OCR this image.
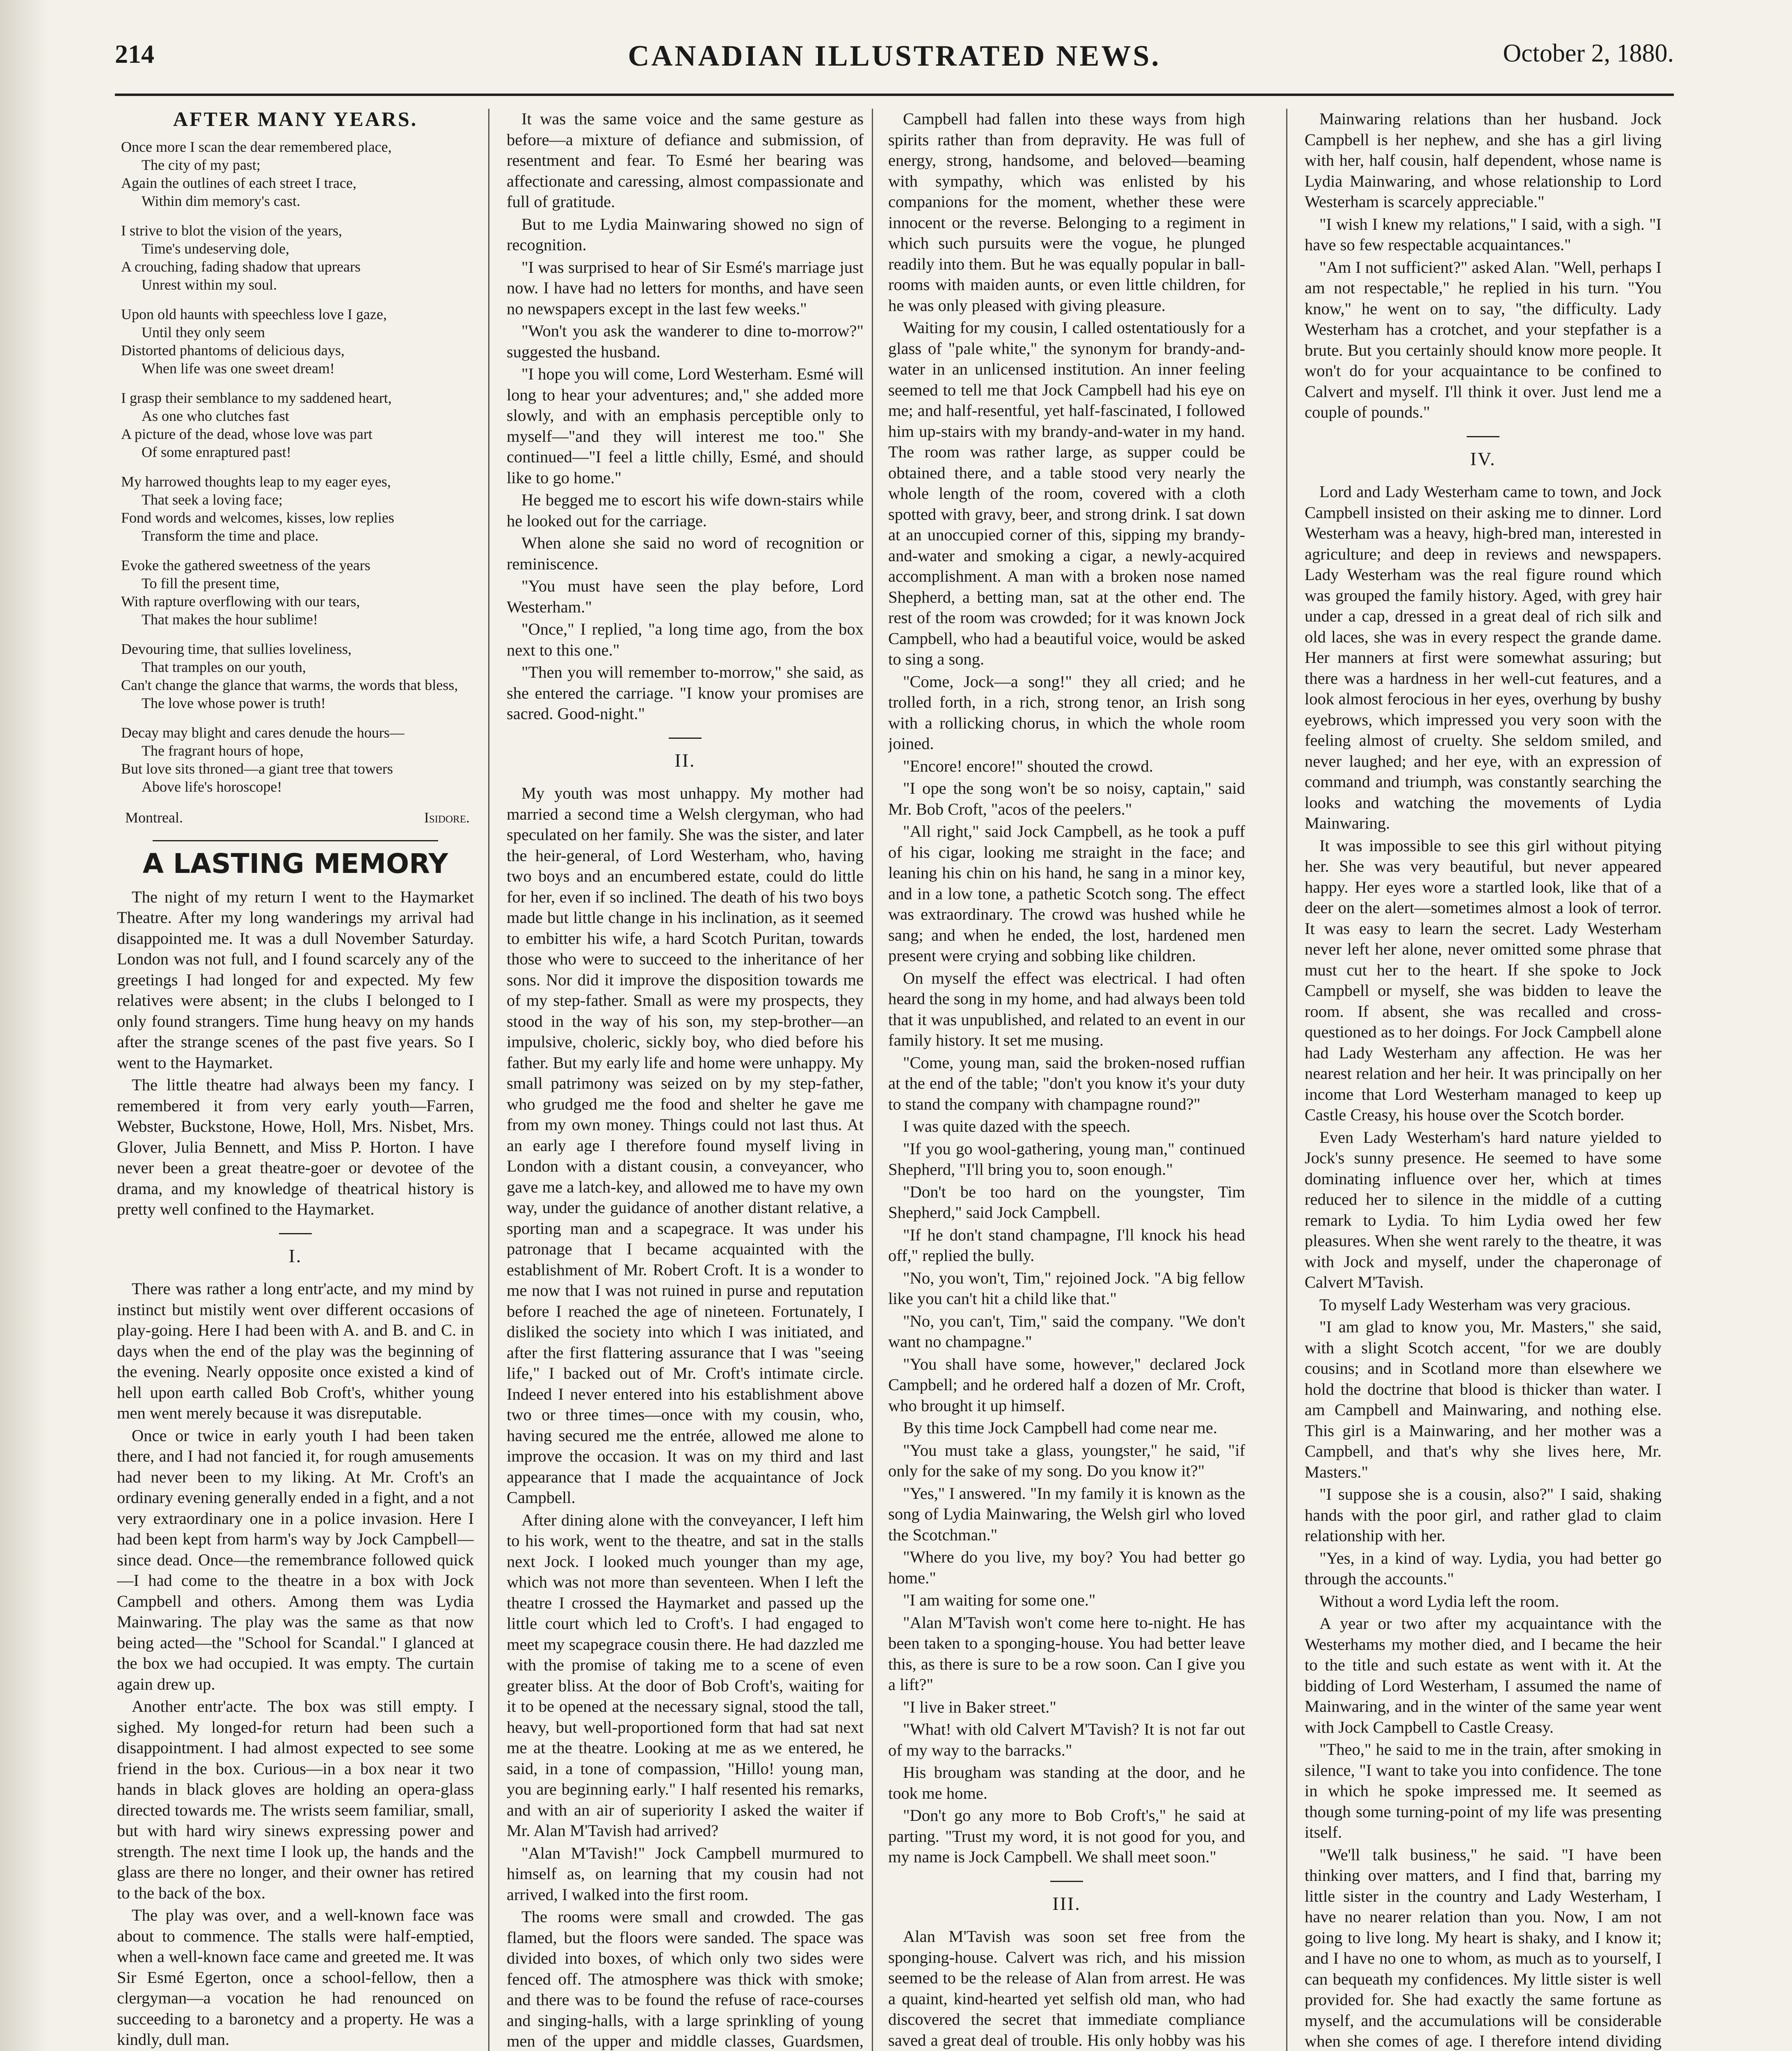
214	CANADIAN ILLUSTRATED NEWS.	October 2, 1880.
AFTER MANY YEARS.
Once more I scan the dear remembered place,
The city of my past;
Again the outlines of each street I trace,
Within dim memory's cast.
I strive to blot the vision of the years,
Time's undeserving dole,
A crouching, fading shadow that uprears
Unrest within my soul.
Upon old haunts with speechless love I gaze,
Until they only seem
Distorted phantoms of delicious days,
When life was one sweet dream!
I grasp their semblance to my saddened heart,
As one who clutches fast
A picture of the dead, whose love was part
Of some enraptured past!
My harrowed thoughts leap to my eager eyes,
That seek a loving face;
Fond words and welcomes, kisses, low replies
Transform the time and place.
Evoke the gathered sweetness of the years
To fill the present time,
With rapture overflowing with our tears,
That makes the hour sublime!
Devouring time, that sullies loveliness,
That tramples on our youth,
Can't change the glance that warms, the words that bless,
The love whose power is truth!
Decay may blight and cares denude the hours—
The fragrant hours of hope,
But love sits throned—a giant tree that towers
Above life's horoscope!
Montreal.	Isidore.
A LASTING MEMORY

The night of my return I went to the Haymarket Theatre. After my long wanderings my arrival had disappointed me. It was a dull November Saturday. London was not full, and I found scarcely any of the greetings I had longed for and expected. My few relatives were absent; in the clubs I belonged to I only found strangers. Time hung heavy on my hands after the strange scenes of the past five years. So I went to the Haymarket.

The little theatre had always been my fancy. I remembered it from very early youth—Farren, Webster, Buckstone, Howe, Holl, Mrs. Nisbet, Mrs. Glover, Julia Bennett, and Miss P. Horton. I have never been a great theatre-goer or devotee of the drama, and my knowledge of theatrical history is pretty well confined to the Haymarket.

I.

There was rather a long entr'acte, and my mind by instinct but mistily went over different occasions of play-going. Here I had been with A. and B. and C. in days when the end of the play was the beginning of the evening. Nearly opposite once existed a kind of hell upon earth called Bob Croft's, whither young men went merely because it was disreputable.

Once or twice in early youth I had been taken there, and I had not fancied it, for rough amusements had never been to my liking. At Mr. Croft's an ordinary evening generally ended in a fight, and a not very extraordinary one in a police invasion. Here I had been kept from harm's way by Jock Campbell—since dead. Once—the remembrance followed quick—I had come to the theatre in a box with Jock Campbell and others. Among them was Lydia Mainwaring. The play was the same as that now being acted—the "School for Scandal." I glanced at the box we had occupied. It was empty. The curtain again drew up.

Another entr'acte. The box was still empty. I sighed. My longed-for return had been such a disappointment. I had almost expected to see some friend in the box. Curious—in a box near it two hands in black gloves are holding an opera-glass directed towards me. The wrists seem familiar, small, but with hard wiry sinews expressing power and strength. The next time I look up, the hands and the glass are there no longer, and their owner has retired to the back of the box.

The play was over, and a well-known face was about to commence. The stalls were half-emptied, when a well-known face came and greeted me. It was Sir Esmé Egerton, once a school-fellow, then a clergyman—a vocation he had renounced on succeeding to a baronetcy and a property. He was a kindly, dull man.

It was the same voice and the same gesture as before—a mixture of defiance and submission, of resentment and fear. To Esmé her bearing was affectionate and caressing, almost compassionate and full of gratitude.

But to me Lydia Mainwaring showed no sign of recognition.

"I was surprised to hear of Sir Esmé's marriage just now. I have had no letters for months, and have seen no newspapers except in the last few weeks."

"Won't you ask the wanderer to dine to-morrow?" suggested the husband.

"I hope you will come, Lord Westerham. Esmé will long to hear your adventures; and," she added more slowly, and with an emphasis perceptible only to myself—"and they will interest me too." She continued—"I feel a little chilly, Esmé, and should like to go home."

He begged me to escort his wife down-stairs while he looked out for the carriage.

When alone she said no word of recognition or reminiscence.

"You must have seen the play before, Lord Westerham."

"Once," I replied, "a long time ago, from the box next to this one."

"Then you will remember to-morrow," she said, as she entered the carriage. "I know your promises are sacred. Good-night."

II.

My youth was most unhappy. My mother had married a second time a Welsh clergyman, who had speculated on her family. She was the sister, and later the heir-general, of Lord Westerham, who, having two boys and an encumbered estate, could do little for her, even if so inclined. The death of his two boys made but little change in his inclination, as it seemed to embitter his wife, a hard Scotch Puritan, towards those who were to succeed to the inheritance of her sons. Nor did it improve the disposition towards me of my step-father. Small as were my prospects, they stood in the way of his son, my step-brother—an impulsive, choleric, sickly boy, who died before his father. But my early life and home were unhappy. My small patrimony was seized on by my step-father, who grudged me the food and shelter he gave me from my own money. Things could not last thus. At an early age I therefore found myself living in London with a distant cousin, a conveyancer, who gave me a latch-key, and allowed me to have my own way, under the guidance of another distant relative, a sporting man and a scapegrace. It was under his patronage that I became acquainted with the establishment of Mr. Robert Croft. It is a wonder to me now that I was not ruined in purse and reputation before I reached the age of nineteen. Fortunately, I disliked the society into which I was initiated, and after the first flattering assurance that I was "seeing life," I backed out of Mr. Croft's intimate circle. Indeed I never entered into his establishment above two or three times—once with my cousin, who, having secured me the entrée, allowed me alone to improve the occasion. It was on my third and last appearance that I made the acquaintance of Jock Campbell.

After dining alone with the conveyancer, I left him to his work, went to the theatre, and sat in the stalls next Jock. I looked much younger than my age, which was not more than seventeen. When I left the theatre I crossed the Haymarket and passed up the little court which led to Croft's. I had engaged to meet my scapegrace cousin there. He had dazzled me with the promise of taking me to a scene of even greater bliss. At the door of Bob Croft's, waiting for it to be opened at the necessary signal, stood the tall, heavy, but well-proportioned form that had sat next me at the theatre. Looking at me as we entered, he said, in a tone of compassion, "Hillo! young man, you are beginning early." I half resented his remarks, and with an air of superiority I asked the waiter if Mr. Alan M'Tavish had arrived?

"Alan M'Tavish!" Jock Campbell murmured to himself as, on learning that my cousin had not arrived, I walked into the first room.

The rooms were small and crowded. The gas flamed, but the floors were sanded. The space was divided into boxes, of which only two sides were fenced off. The atmosphere was thick with smoke; and there was to be found the refuse of race-courses and singing-halls, with a large sprinkling of young men of the upper and middle classes, Guardsmen,

Campbell had fallen into these ways from high spirits rather than from depravity. He was full of energy, strong, handsome, and beloved—beaming with sympathy, which was enlisted by his companions for the moment, whether these were innocent or the reverse. Belonging to a regiment in which such pursuits were the vogue, he plunged readily into them. But he was equally popular in ball-rooms with maiden aunts, or even little children, for he was only pleased with giving pleasure.

Waiting for my cousin, I called ostentatiously for a glass of "pale white," the synonym for brandy-and-water in an unlicensed institution. An inner feeling seemed to tell me that Jock Campbell had his eye on me; and half-resentful, yet half-fascinated, I followed him up-stairs with my brandy-and-water in my hand. The room was rather large, as supper could be obtained there, and a table stood very nearly the whole length of the room, covered with a cloth spotted with gravy, beer, and strong drink. I sat down at an unoccupied corner of this, sipping my brandy-and-water and smoking a cigar, a newly-acquired accomplishment. A man with a broken nose named Shepherd, a betting man, sat at the other end. The rest of the room was crowded; for it was known Jock Campbell, who had a beautiful voice, would be asked to sing a song.

"Come, Jock—a song!" they all cried; and he trolled forth, in a rich, strong tenor, an Irish song with a rollicking chorus, in which the whole room joined.

"Encore! encore!" shouted the crowd.

"I ope the song won't be so noisy, captain," said Mr. Bob Croft, "acos of the peelers."

"All right," said Jock Campbell, as he took a puff of his cigar, looking me straight in the face; and leaning his chin on his hand, he sang in a minor key, and in a low tone, a pathetic Scotch song. The effect was extraordinary. The crowd was hushed while he sang; and when he ended, the lost, hardened men present were crying and sobbing like children.

On myself the effect was electrical. I had often heard the song in my home, and had always been told that it was unpublished, and related to an event in our family history. It set me musing.

"Come, young man, said the broken-nosed ruffian at the end of the table; "don't you know it's your duty to stand the company with champagne round?"

I was quite dazed with the speech.

"If you go wool-gathering, young man," continued Shepherd, "I'll bring you to, soon enough."

"Don't be too hard on the youngster, Tim Shepherd," said Jock Campbell.

"If he don't stand champagne, I'll knock his head off," replied the bully.

"No, you won't, Tim," rejoined Jock. "A big fellow like you can't hit a child like that."

"No, you can't, Tim," said the company. "We don't want no champagne."

"You shall have some, however," declared Jock Campbell; and he ordered half a dozen of Mr. Croft, who brought it up himself.

By this time Jock Campbell had come near me.

"You must take a glass, youngster," he said, "if only for the sake of my song. Do you know it?"

"Yes," I answered. "In my family it is known as the song of Lydia Mainwaring, the Welsh girl who loved the Scotchman."

"Where do you live, my boy? You had better go home."

"I am waiting for some one."

"Alan M'Tavish won't come here to-night. He has been taken to a sponging-house. You had better leave this, as there is sure to be a row soon. Can I give you a lift?"

"I live in Baker street."

"What! with old Calvert M'Tavish? It is not far out of my way to the barracks."

His brougham was standing at the door, and he took me home.

"Don't go any more to Bob Croft's," he said at parting. "Trust my word, it is not good for you, and my name is Jock Campbell. We shall meet soon."

III.

Alan M'Tavish was soon set free from the sponging-house. Calvert was rich, and his mission seemed to be the release of Alan from arrest. He was a quaint, kind-hearted yet selfish old man, who had discovered the secret that immediate compliance saved a great deal of trouble. His only hobby was his

Mainwaring relations than her husband. Jock Campbell is her nephew, and she has a girl living with her, half cousin, half dependent, whose name is Lydia Mainwaring, and whose relationship to Lord Westerham is scarcely appreciable."

"I wish I knew my relations," I said, with a sigh. "I have so few respectable acquaintances."

"Am I not sufficient?" asked Alan. "Well, perhaps I am not respectable," he replied in his turn. "You know," he went on to say, "the difficulty. Lady Westerham has a crotchet, and your stepfather is a brute. But you certainly should know more people. It won't do for your acquaintance to be confined to Calvert and myself. I'll think it over. Just lend me a couple of pounds."

IV.

Lord and Lady Westerham came to town, and Jock Campbell insisted on their asking me to dinner. Lord Westerham was a heavy, high-bred man, interested in agriculture; and deep in reviews and newspapers. Lady Westerham was the real figure round which was grouped the family history. Aged, with grey hair under a cap, dressed in a great deal of rich silk and old laces, she was in every respect the grande dame. Her manners at first were somewhat assuring; but there was a hardness in her well-cut features, and a look almost ferocious in her eyes, overhung by bushy eyebrows, which impressed you very soon with the feeling almost of cruelty. She seldom smiled, and never laughed; and her eye, with an expression of command and triumph, was constantly searching the looks and watching the movements of Lydia Mainwaring.

It was impossible to see this girl without pitying her. She was very beautiful, but never appeared happy. Her eyes wore a startled look, like that of a deer on the alert—sometimes almost a look of terror. It was easy to learn the secret. Lady Westerham never left her alone, never omitted some phrase that must cut her to the heart. If she spoke to Jock Campbell or myself, she was bidden to leave the room. If absent, she was recalled and cross-questioned as to her doings. For Jock Campbell alone had Lady Westerham any affection. He was her nearest relation and her heir. It was principally on her income that Lord Westerham managed to keep up Castle Creasy, his house over the Scotch border.

Even Lady Westerham's hard nature yielded to Jock's sunny presence. He seemed to have some dominating influence over her, which at times reduced her to silence in the middle of a cutting remark to Lydia. To him Lydia owed her few pleasures. When she went rarely to the theatre, it was with Jock and myself, under the chaperonage of Calvert M'Tavish.

To myself Lady Westerham was very gracious.

"I am glad to know you, Mr. Masters," she said, with a slight Scotch accent, "for we are doubly cousins; and in Scotland more than elsewhere we hold the doctrine that blood is thicker than water. I am Campbell and Mainwaring, and nothing else. This girl is a Mainwaring, and her mother was a Campbell, and that's why she lives here, Mr. Masters."

"I suppose she is a cousin, also?" I said, shaking hands with the poor girl, and rather glad to claim relationship with her.

"Yes, in a kind of way. Lydia, you had better go through the accounts."

Without a word Lydia left the room.

A year or two after my acquaintance with the Westerhams my mother died, and I became the heir to the title and such estate as went with it. At the bidding of Lord Westerham, I assumed the name of Mainwaring, and in the winter of the same year went with Jock Campbell to Castle Creasy.

"Theo," he said to me in the train, after smoking in silence, "I want to take you into confidence. The tone in which he spoke impressed me. It seemed as though some turning-point of my life was presenting itself.

"We'll talk business," he said. "I have been thinking over matters, and I find that, barring my little sister in the country and Lady Westerham, I have no nearer relation than you. Now, I am not going to live long. My heart is shaky, and I know it; and I have no one to whom, as much as to yourself, I can bequeath my confidences. My little sister is well provided for. She had exactly the same fortune as myself, and the accumulations will be considerable when she comes of age. I therefore intend dividing
